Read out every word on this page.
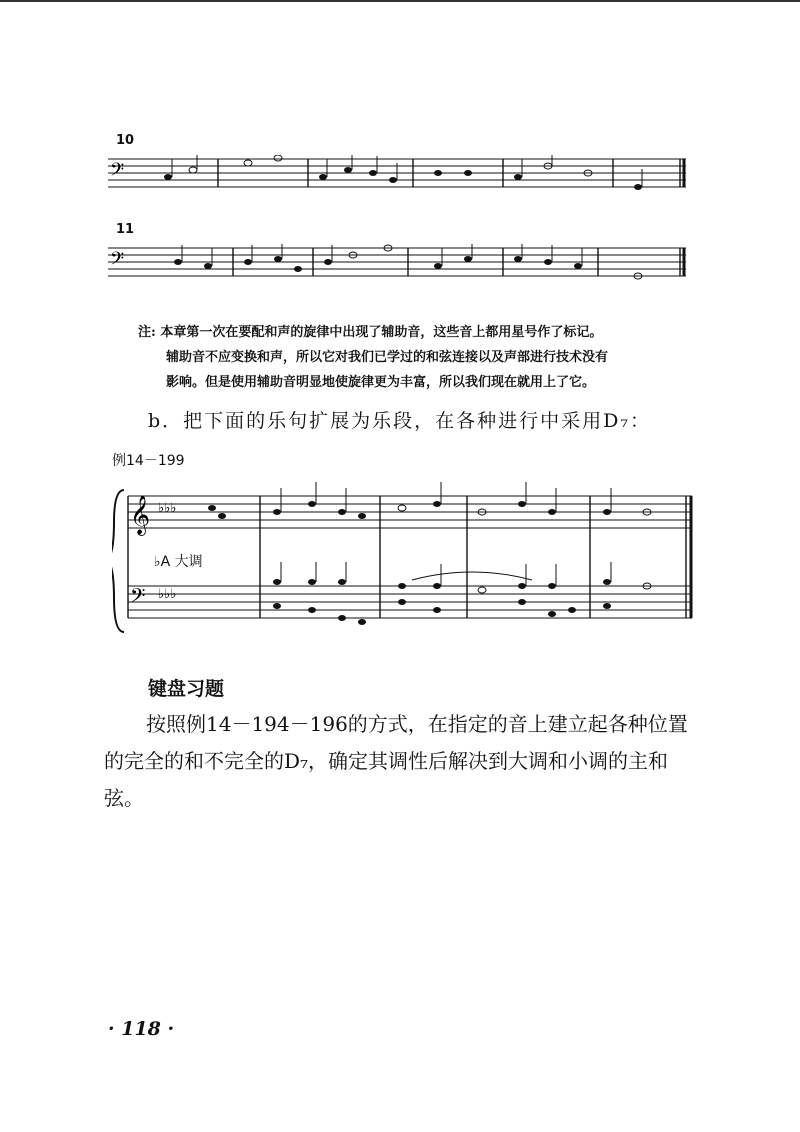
10
𝄢
11
𝄢
注: 本章第一次在要配和声的旋律中出现了辅助音，这些音上都用星号作了标记。
辅助音不应变换和声，所以它对我们已学过的和弦连接以及声部进行技术没有
影响。但是使用辅助音明显地使旋律更为丰富，所以我们现在就用上了它。
b．把下面的乐句扩展为乐段，在各种进行中采用D₇：
例14－199
𝄞
𝄢
♭♭♭
♭♭♭
♭A 大调
键盘习题
按照例14－194－196的方式，在指定的音上建立起各种位置
的完全的和不完全的D₇，确定其调性后解决到大调和小调的主和
弦。
· 118 ·
